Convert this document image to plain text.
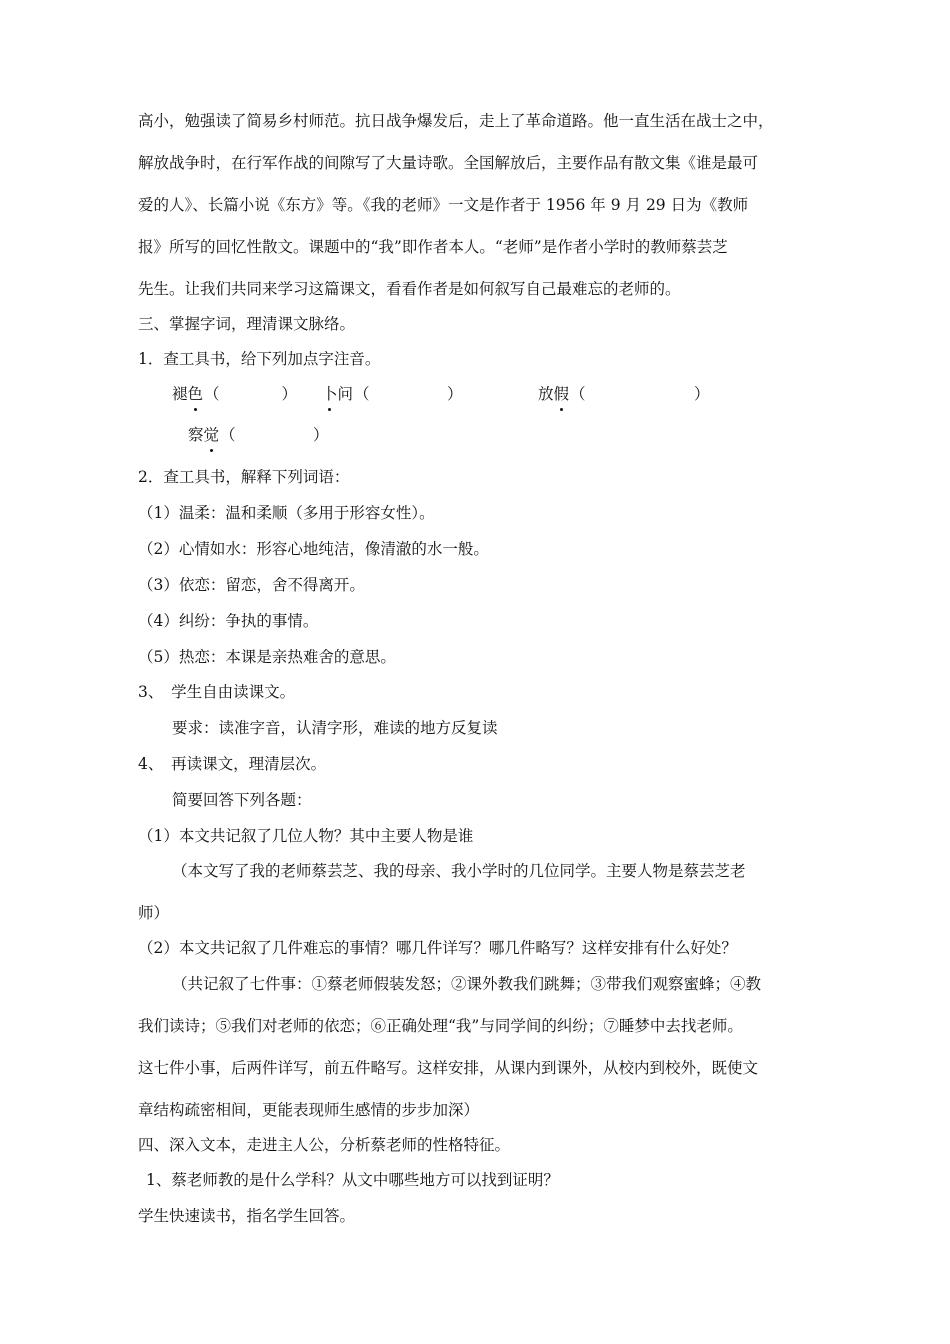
高小，勉强读了简易乡村师范。抗日战争爆发后，走上了革命道路。他一直生活在战士之中，
解放战争时，在行军作战的间隙写了大量诗歌。全国解放后，主要作品有散文集《谁是最可
爱的人》、长篇小说《东方》等。《我的老师》一文是作者于 1956 年 9 月 29 日为《教师
报》所写的回忆性散文。课题中的“我”即作者本人。“老师”是作者小学时的教师蔡芸芝
先生。让我们共同来学习这篇课文，看看作者是如何叙写自己最难忘的老师的。
三、掌握字词，理清课文脉络。
1．查工具书，给下列加点字注音。
褪色 （　　　　） 卜问 （　　　　　）	放假 （　　　　　　　）
察觉 （　　　　　）
2．查工具书，解释下列词语：
（1）温柔：温和柔顺（多用于形容女性）。
（2）心情如水：形容心地纯洁，像清澈的水一般。
（3）依恋：留恋，舍不得离开。
（4）纠纷：争执的事情。
（5）热恋：本课是亲热难舍的意思。
3、　学生自由读课文。
要求：读准字音，认清字形，难读的地方反复读
4、　再读课文，理清层次。
简要回答下列各题：
（1）本文共记叙了几位人物？其中主要人物是谁
（本文写了我的老师蔡芸芝、我的母亲、我小学时的几位同学。主要人物是蔡芸芝老
师）
（2）本文共记叙了几件难忘的事情？哪几件详写？哪几件略写？这样安排有什么好处？
（共记叙了七件事：①蔡老师假装发怒；②课外教我们跳舞；③带我们观察蜜蜂；④教
我们读诗；⑤我们对老师的依恋；⑥正确处理“我”与同学间的纠纷；⑦睡梦中去找老师。
这七件小事，后两件详写，前五件略写。这样安排，从课内到课外，从校内到校外，既使文
章结构疏密相间，更能表现师生感情的步步加深）
四、深入文本，走进主人公，分析蔡老师的性格特征。
1、蔡老师教的是什么学科？从文中哪些地方可以找到证明？
学生快速读书，指名学生回答。
